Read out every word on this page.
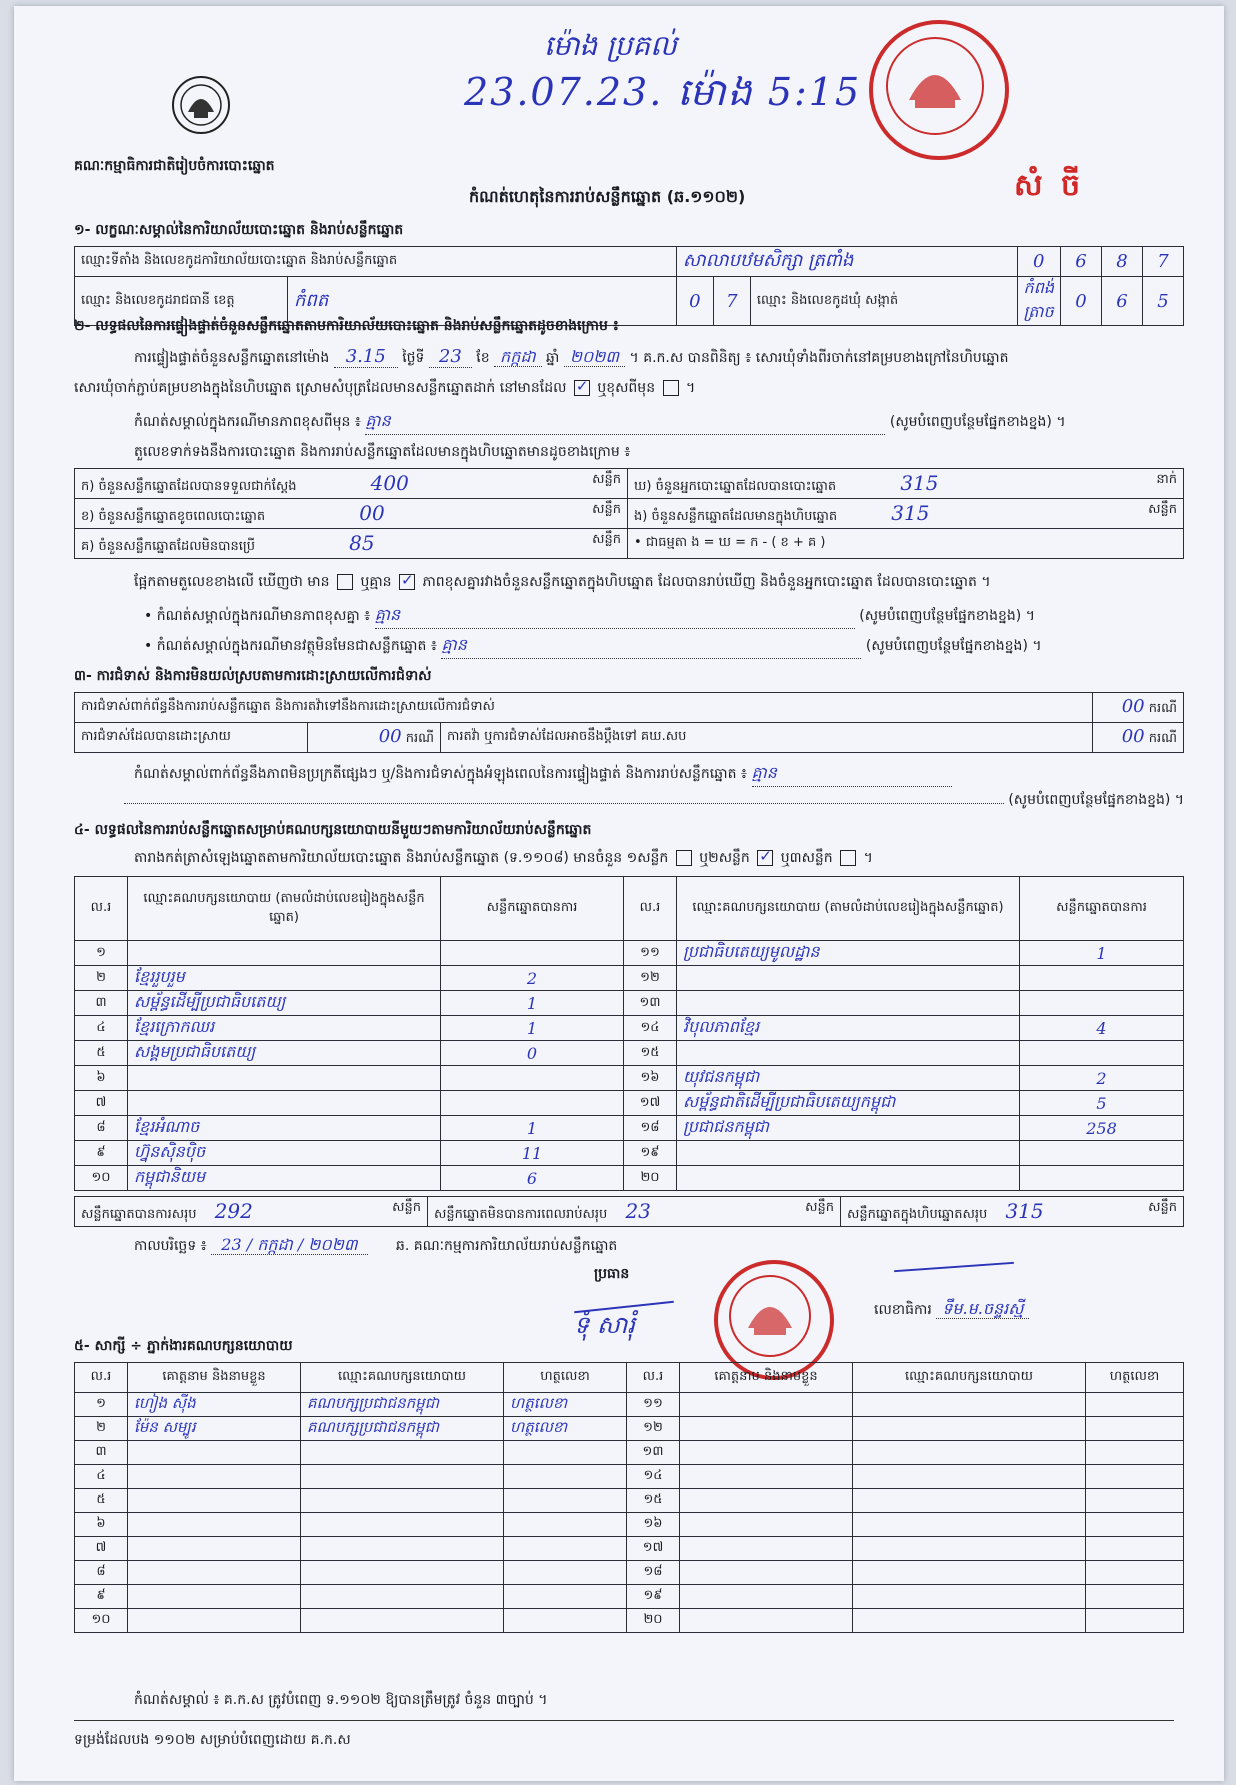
គណៈកម្មាធិការជាតិរៀបចំការបោះឆ្នោត
ម៉ោង ប្រគល់
23.07.23. ម៉ោង 5:15
សំ ចី
កំណត់ហេតុនៃការរាប់សន្លឹកឆ្នោត (ឆ.១១០២)
១- លក្ខណៈសម្គាល់នៃការិយាល័យបោះឆ្នោត និងរាប់សន្លឹកឆ្នោត
ឈ្មោះទីតាំង និងលេខកូដការិយាល័យបោះឆ្នោត និងរាប់សន្លឹកឆ្នោត		សាលាបឋមសិក្សា ត្រពាំង			0	6	8	7
ឈ្មោះ និងលេខកូដរាជធានី ខេត្ត	កំពត	0	7	ឈ្មោះ និងលេខកូដឃុំ សង្កាត់	កំពង់ត្រាច	0	6	5
២- លទ្ធផលនៃការផ្ទៀងផ្ទាត់ចំនួនសន្លឹកឆ្នោតតាមការិយាល័យបោះឆ្នោត និងរាប់សន្លឹកឆ្នោតដូចខាងក្រោម ៖
ការផ្ទៀងផ្ទាត់ចំនួនសន្លឹកឆ្នោតនៅម៉ោង 3.15 ថ្ងៃទី 23 ខែ កក្កដា ឆ្នាំ ២០២៣ ។ គ.ក.ស បានពិនិត្យ ៖ សោរឃុំទាំងពីរចាក់នៅគម្របខាងក្រៅនៃហិបឆ្នោត
សោរឃុំចាក់ភ្ជាប់គម្របខាងក្នុងនៃហិបឆ្នោត ស្រោមសំបុត្រដែលមានសន្លឹកឆ្នោតដាក់ នៅមានដែល ✓ ឬខុសពីមុន  ។
កំណត់សម្គាល់ក្នុងករណីមានភាពខុសពីមុន ៖ គ្មាន	(សូមបំពេញបន្ថែមផ្នែកខាងខ្នង) ។
តួលេខទាក់ទងនឹងការបោះឆ្នោត និងការរាប់សន្លឹកឆ្នោតដែលមានក្នុងហិបឆ្នោតមានដូចខាងក្រោម ៖
ក) ចំនួនសន្លឹកឆ្នោតដែលបានទទួលជាក់ស្តែង 400 សន្លឹក	ឃ) ចំនួនអ្នកបោះឆ្នោតដែលបានបោះឆ្នោត 315 នាក់

ខ) ចំនួនសន្លឹកឆ្នោតខូចពេលបោះឆ្នោត 00 សន្លឹក	ង) ចំនួនសន្លឹកឆ្នោតដែលមានក្នុងហិបឆ្នោត 315 សន្លឹក

គ) ចំនួនសន្លឹកឆ្នោតដែលមិនបានប្រើ 85 សន្លឹក	• ជាធម្មតា ង = ឃ = ក - ( ខ + គ )
ផ្អែកតាមតួលេខខាងលើ ឃើញថា មាន ឬគ្មាន ✓ ភាពខុសគ្នារវាងចំនួនសន្លឹកឆ្នោតក្នុងហិបឆ្នោត ដែលបានរាប់ឃើញ និងចំនួនអ្នកបោះឆ្នោត ដែលបានបោះឆ្នោត ។
• កំណត់សម្គាល់ក្នុងករណីមានភាពខុសគ្នា ៖ គ្មាន	(សូមបំពេញបន្ថែមផ្នែកខាងខ្នង) ។
• កំណត់សម្គាល់ក្នុងករណីមានវត្ថុមិនមែនជាសន្លឹកឆ្នោត ៖ គ្មាន	(សូមបំពេញបន្ថែមផ្នែកខាងខ្នង) ។
៣- ការជំទាស់ និងការមិនយល់ស្របតាមការដោះស្រាយលើការជំទាស់
ការជំទាស់ពាក់ព័ន្ធនឹងការរាប់សន្លឹកឆ្នោត និងការតវ៉ាទៅនឹងការដោះស្រាយលើការជំទាស់			00 ករណី
ការជំទាស់ដែលបានដោះស្រាយ	00 ករណី	ការតវ៉ា ឬការជំទាស់ដែលអាចនឹងប្ដឹងទៅ គឃ.សប	00 ករណី
កំណត់សម្គាល់ពាក់ព័ន្ធនឹងភាពមិនប្រក្រតីផ្សេងៗ ឬ/និងការជំទាស់ក្នុងអំឡុងពេលនៃការផ្ទៀងផ្ទាត់ និងការរាប់សន្លឹកឆ្នោត ៖ គ្មាន
(សូមបំពេញបន្ថែមផ្នែកខាងខ្នង) ។
៤- លទ្ធផលនៃការរាប់សន្លឹកឆ្នោតសម្រាប់គណបក្សនយោបាយនីមួយៗតាមការិយាល័យរាប់សន្លឹកឆ្នោត
តារាងកត់ត្រាសំឡេងឆ្នោតតាមការិយាល័យបោះឆ្នោត និងរាប់សន្លឹកឆ្នោត (ទ.១១០៨) មានចំនួន ១សន្លឹក ឬ២សន្លឹក ✓ ឬ៣សន្លឹក  ។
ល.រ	ឈ្មោះគណបក្សនយោបាយ (តាមលំដាប់លេខរៀងក្នុងសន្លឹកឆ្នោត)	សន្លឹកឆ្នោតបានការ	ល.រ	ឈ្មោះគណបក្សនយោបាយ (តាមលំដាប់លេខរៀងក្នុងសន្លឹកឆ្នោត)	សន្លឹកឆ្នោតបានការ
១			១១	ប្រជាធិបតេយ្យមូលដ្ឋាន	1
២	ខ្មែររួបរួម	2	១២		
៣	សម្ព័ន្ធដើម្បីប្រជាធិបតេយ្យ	1	១៣		
៤	ខ្មែរក្រោកឈរ	1	១៤	វិបុលភាពខ្មែរ	4
៥	សង្គមប្រជាធិបតេយ្យ	0	១៥		
៦			១៦	យុវជនកម្ពុជា	2
៧			១៧	សម្ព័ន្ធជាតិដើម្បីប្រជាធិបតេយ្យកម្ពុជា	5
៨	ខ្មែរអំណាច	1	១៨	ប្រជាជនកម្ពុជា	258
៩	ហ្វ៊ុនស៊ិនប៉ិច	11	១៩		
១០	កម្ពុជានិយម	6	២០		
សន្លឹកឆ្នោតបានការសរុប 292	សន្លឹក	សន្លឹកឆ្នោតមិនបានការពេលរាប់សរុប 23	សន្លឹក	សន្លឹកឆ្នោតក្នុងហិបឆ្នោតសរុប 315	សន្លឹក
កាលបរិច្ឆេទ ៖ 23 / កក្កដា / ២០២៣	ឆ. គណៈកម្មការការិយាល័យរាប់សន្លឹកឆ្នោត
ប្រធាន
ទុំ សារុំ
លេខាធិការ ទឹម.ម.ចន្ទរស្មី
៥- សាក្សី ÷ ភ្នាក់ងារគណបក្សនយោបាយ
ល.រ	គោត្តនាម និងនាមខ្លួន	ឈ្មោះគណបក្សនយោបាយ	ហត្ថលេខា	ល.រ	គោត្តនាម និងនាមខ្លួន	ឈ្មោះគណបក្សនយោបាយ	ហត្ថលេខា
១	ហៀង ស៊ីង	គណបក្សប្រជាជនកម្ពុជា	ហត្ថលេខា	១១			
២	ម៉ែន សម្បូរ	គណបក្សប្រជាជនកម្ពុជា	ហត្ថលេខា	១២			
៣				១៣			
៤				១៤			
៥				១៥			
៦				១៦			
៧				១៧			
៨				១៨			
៩				១៩			
១០				២០			
កំណត់សម្គាល់ ៖ គ.ក.ស ត្រូវបំពេញ ទ.១១០២ ឱ្យបានត្រឹមត្រូវ ចំនួន ៣ច្បាប់ ។
ទម្រង់ដែលបង ១១០២ សម្រាប់បំពេញដោយ គ.ក.ស
